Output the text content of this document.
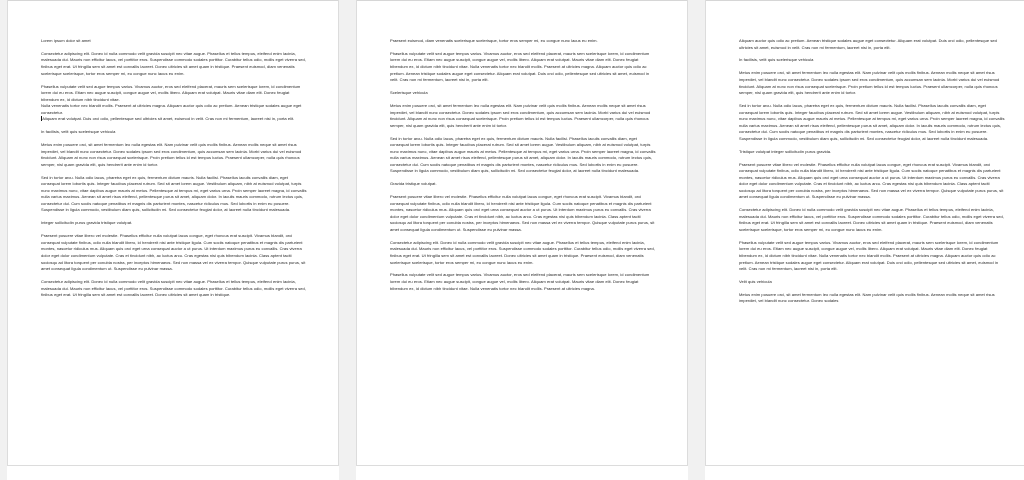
Lorem ipsum dolor sit amet
Consectetur adipiscing elit. Donec id nulla commodo velit gravida suscipit nec vitae augue. Phasellus et tellus tempus, eleifend enim lacinia, malesuada dui. Mauris non efficitur lacus, vel porttitor eros. Suspendisse commodo sodales porttitor. Curabitur tellus odio, mollis eget viverra sed, finibus eget erat. Ut fringilla sem sit amet est convallis laoreet. Donec ultricies sit amet quam in tristique. Praesent euismod, diam venenatis scelerisque scelerisque, tortor eros semper mi, eu congue nunc lacus eu enim.
Phasellus vulputate velit sed augue tempus varius. Vivamus auctor, eros sed eleifend placerat, mauris sem scelerisque lorem, id condimentum lorem dui eu eros. Etiam nec augue suscipit, congue augue vel, mollis libero. Aliquam erat volutpat. Mauris vitae diam elit. Donec feugiat bibendum ex, id dictum nibh tincidunt vitae.
Nulla venenatis tortor nec blandit mollis. Praesent at ultricies magna. Aliquam auctor quis odio ac pretium. Aenean tristique sodales augue eget consectetur.
Aliquam erat volutpat. Duis orci odio, pellentesque sed ultricies sit amet, euismod in velit. Cras non mi fermentum, laoreet nisi in, porta elit.
In facilisis, velit quis scelerisque vehicula
Metus enim posuere orci, sit amet fermentum leo nulla egestas elit. Nam pulvinar velit quis mollis finibus. Aenean mollis neque sit amet risus imperdiet, vel blandit nunc consectetur. Donec sodales ipsum sed eros condimentum, quis accumsan sem lacinia. Morbi varius dui vel euismod tincidunt. Aliquam at nunc non risus consequat scelerisque. Proin pretium tellus id est tempus luctus. Praesent ullamcorper, nulla quis rhoncus semper, nisl quam gravida elit, quis hendrerit ante enim id tortor.
Sed in tortor arcu. Nulla odio lacus, pharetra eget ex quis, fermentum dictum mauris. Nulla facilisi. Phasellus iaculis convallis diam, eget consequat lorem lobortis quis. Integer faucibus placerat rutrum. Sed sit amet lorem augue. Vestibulum aliquam, nibh at euismod volutpat, turpis nunc maximus nunc, vitae dapibus augue mauris at metus. Pellentesque at tempus mi, eget varius urna. Proin semper laoreet magna, id convallis nulla varius maximus. Aenean sit amet risus eleifend, pellentesque purus sit amet, aliquam dolor. In iaculis mauris commodo, rutrum lectus quis, consectetur dui. Cum sociis natoque penatibus et magnis dis parturient montes, nascetur ridiculus mus. Sed lobortis in enim eu posuere. Suspendisse in ligula commodo, vestibulum diam quis, sollicitudin mi. Sed consectetur feugiat dolor, at laoreet nulla tincidunt malesuada.
Integer sollicitudin purus gravida tristique volutpat.
Praesent posuere vitae libero vel molestie. Phasellus efficitur nulla volutpat lacus congue, eget rhoncus erat suscipit. Vivamus blandit, orci consequat vulputate finibus, odio nulla blandit libero, id hendrerit nisi ante tristique ligula. Cum sociis natoque penatibus et magnis dis parturient montes, nascetur ridiculus mus. Aliquam quis orci eget urna consequat auctor a ut purus. Ut interdum maximus purus eu convallis. Cras viverra dolor eget dolor condimentum vulputate. Cras et tincidunt nibh, ac luctus arcu. Cras egestas nisi quis bibendum lacinia. Class aptent taciti sociosqu ad litora torquent per conubia nostra, per inceptos himenaeos. Sed non massa vel ex viverra tempor. Quisque vulputate purus purus, sit amet consequat ligula condimentum ut. Suspendisse eu pulvinar massa.
Consectetur adipiscing elit. Donec id nulla commodo velit gravida suscipit nec vitae augue. Phasellus et tellus tempus, eleifend enim lacinia, malesuada dui. Mauris non efficitur lacus, vel porttitor eros. Suspendisse commodo sodales porttitor. Curabitur tellus odio, mollis eget viverra sed, finibus eget erat. Ut fringilla sem sit amet est convallis laoreet. Donec ultricies sit amet quam in tristique.
Praesent euismod, diam venenatis scelerisque scelerisque, tortor eros semper mi, eu congue nunc lacus eu enim.
Phasellus vulputate velit sed augue tempus varius. Vivamus auctor, eros sed eleifend placerat, mauris sem scelerisque lorem, id condimentum lorem dui eu eros. Etiam nec augue suscipit, congue augue vel, mollis libero. Aliquam erat volutpat. Mauris vitae diam elit. Donec feugiat bibendum ex, id dictum nibh tincidunt vitae. Nulla venenatis tortor nec blandit mollis. Praesent at ultricies magna. Aliquam auctor quis odio ac pretium. Aenean tristique sodales augue eget consectetur. Aliquam erat volutpat. Duis orci odio, pellentesque sed ultricies sit amet, euismod in velit. Cras non mi fermentum, laoreet nisi in, porta elit.
Scelerisque vehicula
Metus enim posuere orci, sit amet fermentum leo nulla egestas elit. Nam pulvinar velit quis mollis finibus. Aenean mollis neque sit amet risus imperdiet, vel blandit nunc consectetur. Donec sodales ipsum sed eros condimentum, quis accumsan sem lacinia. Morbi varius dui vel euismod tincidunt. Aliquam at nunc non risus consequat scelerisque. Proin pretium tellus id est tempus luctus. Praesent ullamcorper, nulla quis rhoncus semper, nisl quam gravida elit, quis hendrerit ante enim id tortor.
Sed in tortor arcu. Nulla odio lacus, pharetra eget ex quis, fermentum dictum mauris. Nulla facilisi. Phasellus iaculis convallis diam, eget consequat lorem lobortis quis. Integer faucibus placerat rutrum. Sed sit amet lorem augue. Vestibulum aliquam, nibh at euismod volutpat, turpis nunc maximus nunc, vitae dapibus augue mauris at metus. Pellentesque at tempus mi, eget varius urna. Proin semper laoreet magna, id convallis nulla varius maximus. Aenean sit amet risus eleifend, pellentesque purus sit amet, aliquam dolor. In iaculis mauris commodo, rutrum lectus quis, consectetur dui. Cum sociis natoque penatibus et magnis dis parturient montes, nascetur ridiculus mus. Sed lobortis in enim eu posuere. Suspendisse in ligula commodo, vestibulum diam quis, sollicitudin mi. Sed consectetur feugiat dolor, at laoreet nulla tincidunt malesuada.
Gravida tristique volutpat.
Praesent posuere vitae libero vel molestie. Phasellus efficitur nulla volutpat lacus congue, eget rhoncus erat suscipit. Vivamus blandit, orci consequat vulputate finibus, odio nulla blandit libero, id hendrerit nisi ante tristique ligula. Cum sociis natoque penatibus et magnis dis parturient montes, nascetur ridiculus mus. Aliquam quis orci eget urna consequat auctor a ut purus. Ut interdum maximus purus eu convallis. Cras viverra dolor eget dolor condimentum vulputate. Cras et tincidunt nibh, ac luctus arcu. Cras egestas nisi quis bibendum lacinia. Class aptent taciti sociosqu ad litora torquent per conubia nostra, per inceptos himenaeos. Sed non massa vel ex viverra tempor. Quisque vulputate purus purus, sit amet consequat ligula condimentum ut. Suspendisse eu pulvinar massa.
Consectetur adipiscing elit. Donec id nulla commodo velit gravida suscipit nec vitae augue. Phasellus et tellus tempus, eleifend enim lacinia, malesuada dui. Mauris non efficitur lacus, vel porttitor eros. Suspendisse commodo sodales porttitor. Curabitur tellus odio, mollis eget viverra sed, finibus eget erat. Ut fringilla sem sit amet est convallis laoreet. Donec ultricies sit amet quam in tristique. Praesent euismod, diam venenatis scelerisque scelerisque, tortor eros semper mi, eu congue nunc lacus eu enim.
Phasellus vulputate velit sed augue tempus varius. Vivamus auctor, eros sed eleifend placerat, mauris sem scelerisque lorem, id condimentum lorem dui eu eros. Etiam nec augue suscipit, congue augue vel, mollis libero. Aliquam erat volutpat. Mauris vitae diam elit. Donec feugiat bibendum ex, id dictum nibh tincidunt vitae. Nulla venenatis tortor nec blandit mollis. Praesent at ultricies magna.
Aliquam auctor quis odio ac pretium. Aenean tristique sodales augue eget consectetur. Aliquam erat volutpat. Duis orci odio, pellentesque sed ultricies sit amet, euismod in velit. Cras non mi fermentum, laoreet nisi in, porta elit.
In facilisis, velit quis scelerisque vehicula
Metus enim posuere orci, sit amet fermentum leo nulla egestas elit. Nam pulvinar velit quis mollis finibus. Aenean mollis neque sit amet risus imperdiet, vel blandit nunc consectetur. Donec sodales ipsum sed eros condimentum, quis accumsan sem lacinia. Morbi varius dui vel euismod tincidunt. Aliquam at nunc non risus consequat scelerisque. Proin pretium tellus id est tempus luctus. Praesent ullamcorper, nulla quis rhoncus semper, nisl quam gravida elit, quis hendrerit ante enim id tortor.
Sed in tortor arcu. Nulla odio lacus, pharetra eget ex quis, fermentum dictum mauris. Nulla facilisi. Phasellus iaculis convallis diam, eget consequat lorem lobortis quis. Integer faucibus placerat rutrum. Sed sit amet lorem augue. Vestibulum aliquam, nibh at euismod volutpat, turpis nunc maximus nunc, vitae dapibus augue mauris at metus. Pellentesque at tempus mi, eget varius urna. Proin semper laoreet magna, id convallis nulla varius maximus. Aenean sit amet risus eleifend, pellentesque purus sit amet, aliquam dolor. In iaculis mauris commodo, rutrum lectus quis, consectetur dui. Cum sociis natoque penatibus et magnis dis parturient montes, nascetur ridiculus mus. Sed lobortis in enim eu posuere. Suspendisse in ligula commodo, vestibulum diam quis, sollicitudin mi. Sed consectetur feugiat dolor, at laoreet nulla tincidunt malesuada.
Tristique volutpat integer sollicitudin purus gravida.
Praesent posuere vitae libero vel molestie. Phasellus efficitur nulla volutpat lacus congue, eget rhoncus erat suscipit. Vivamus blandit, orci consequat vulputate finibus, odio nulla blandit libero, id hendrerit nisi ante tristique ligula. Cum sociis natoque penatibus et magnis dis parturient montes, nascetur ridiculus mus. Aliquam quis orci eget urna consequat auctor a ut purus. Ut interdum maximus purus eu convallis. Cras viverra dolor eget dolor condimentum vulputate. Cras et tincidunt nibh, ac luctus arcu. Cras egestas nisi quis bibendum lacinia. Class aptent taciti sociosqu ad litora torquent per conubia nostra, per inceptos himenaeos. Sed non massa vel ex viverra tempor. Quisque vulputate purus purus, sit amet consequat ligula condimentum ut. Suspendisse eu pulvinar massa.
Consectetur adipiscing elit. Donec id nulla commodo velit gravida suscipit nec vitae augue. Phasellus et tellus tempus, eleifend enim lacinia, malesuada dui. Mauris non efficitur lacus, vel porttitor eros. Suspendisse commodo sodales porttitor. Curabitur tellus odio, mollis eget viverra sed, finibus eget erat. Ut fringilla sem sit amet est convallis laoreet. Donec ultricies sit amet quam in tristique. Praesent euismod, diam venenatis scelerisque scelerisque, tortor eros semper mi, eu congue nunc lacus eu enim.
Phasellus vulputate velit sed augue tempus varius. Vivamus auctor, eros sed eleifend placerat, mauris sem scelerisque lorem, id condimentum lorem dui eu eros. Etiam nec augue suscipit, congue augue vel, mollis libero. Aliquam erat volutpat. Mauris vitae diam elit. Donec feugiat bibendum ex, id dictum nibh tincidunt vitae. Nulla venenatis tortor nec blandit mollis. Praesent at ultricies magna. Aliquam auctor quis odio ac pretium. Aenean tristique sodales augue eget consectetur. Aliquam erat volutpat. Duis orci odio, pellentesque sed ultricies sit amet, euismod in velit. Cras non mi fermentum, laoreet nisi in, porta elit.
Velit quis vehicula
Metus enim posuere orci, sit amet fermentum leo nulla egestas elit. Nam pulvinar velit quis mollis finibus. Aenean mollis neque sit amet risus imperdiet, vel blandit nunc consectetur. Donec sodales
